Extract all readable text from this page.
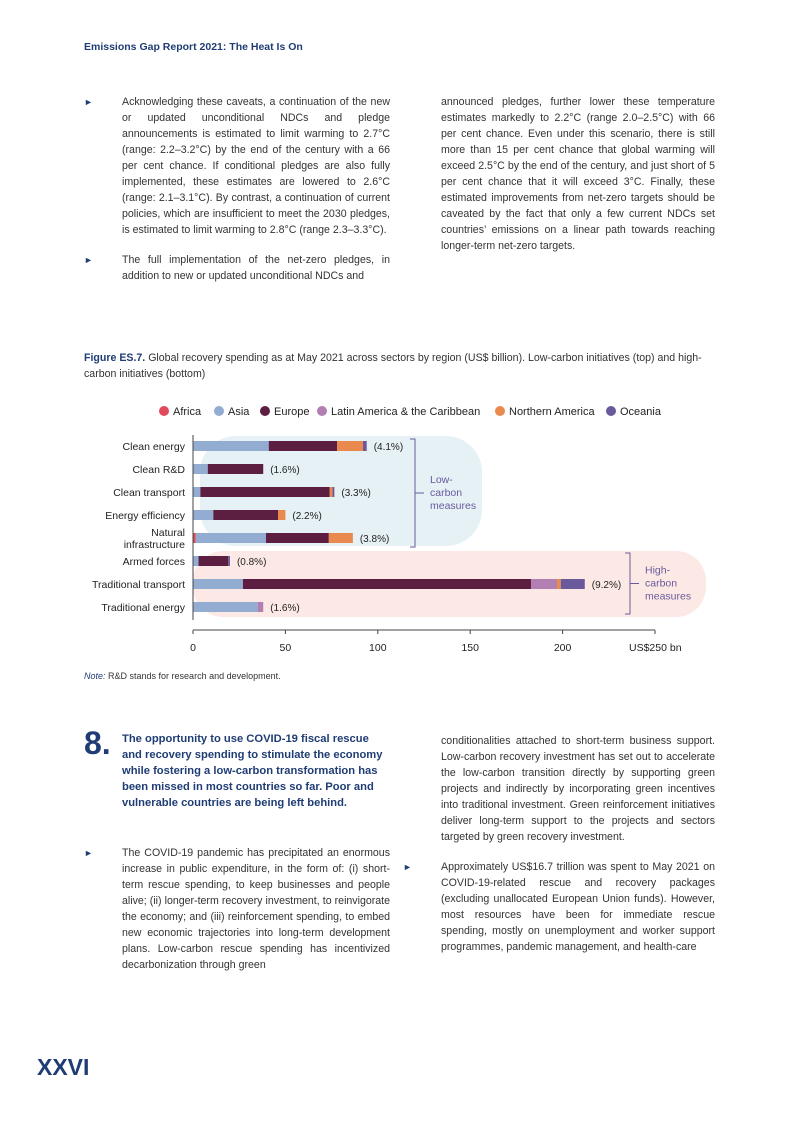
Emissions Gap Report 2021: The Heat Is On
►	Acknowledging these caveats, a continuation of the new or updated unconditional NDCs and pledge announcements is estimated to limit warming to 2.7°C (range: 2.2–3.2°C) by the end of the century with a 66 per cent chance. If conditional pledges are also fully implemented, these estimates are lowered to 2.6°C (range: 2.1–3.1°C). By contrast, a continuation of current policies, which are insufficient to meet the 2030 pledges, is estimated to limit warming to 2.8°C (range 2.3–3.3°C).

►	The full implementation of the net-zero pledges, in addition to new or updated unconditional NDCs and

announced pledges, further lower these temperature estimates markedly to 2.2°C (range 2.0–2.5°C) with 66 per cent chance. Even under this scenario, there is still more than 15 per cent chance that global warming will exceed 2.5°C by the end of the century, and just short of 5 per cent chance that it will exceed 3°C. Finally, these estimated improvements from net-zero targets should be caveated by the fact that only a few current NDCs set countries’ emissions on a linear path towards reaching longer-term net-zero targets.

Figure ES.7. Global recovery spending as at May 2021 across sectors by region (US$ billion). Low-carbon initiatives (top) and high-carbon initiatives (bottom)
Africa Asia Europe Latin America & the Caribbean	Northern America Oceania
(4.1%)
Clean energy
(1.6%)
Clean R&D
(3.3%)
Clean transport
(2.2%)
Energy efficiency
(3.8%)
Natural
infrastructure
(0.8%)
Armed forces
(9.2%)
Traditional transport
(1.6%)
Traditional energy
0	50	100	150	200	US$250 bn
Low-
carbon
measures
High-
carbon
measures
Note: R&D stands for research and development.
8. The opportunity to use COVID-19 fiscal rescue and recovery spending to stimulate the economy while fostering a low-carbon transformation has been missed in most countries so far. Poor and vulnerable countries are being left behind.
►	The COVID-19 pandemic has precipitated an enormous increase in public expenditure, in the form of: (i) short-term rescue spending, to keep businesses and people alive; (ii) longer-term recovery investment, to reinvigorate the economy; and (iii) reinforcement spending, to embed new economic trajectories into long-term development plans. Low-carbon rescue spending has incentivized decarbonization through green

conditionalities attached to short-term business support. Low-carbon recovery investment has set out to accelerate the low-carbon transition directly by supporting green projects and indirectly by incorporating green incentives into traditional investment. Green reinforcement initiatives deliver long-term support to the projects and sectors targeted by green recovery investment.

►	Approximately US$16.7 trillion was spent to May 2021 on COVID-19-related rescue and recovery packages (excluding unallocated European Union funds). However, most resources have been for immediate rescue spending, mostly on unemployment and worker support programmes, pandemic management, and health-care

XXVI
